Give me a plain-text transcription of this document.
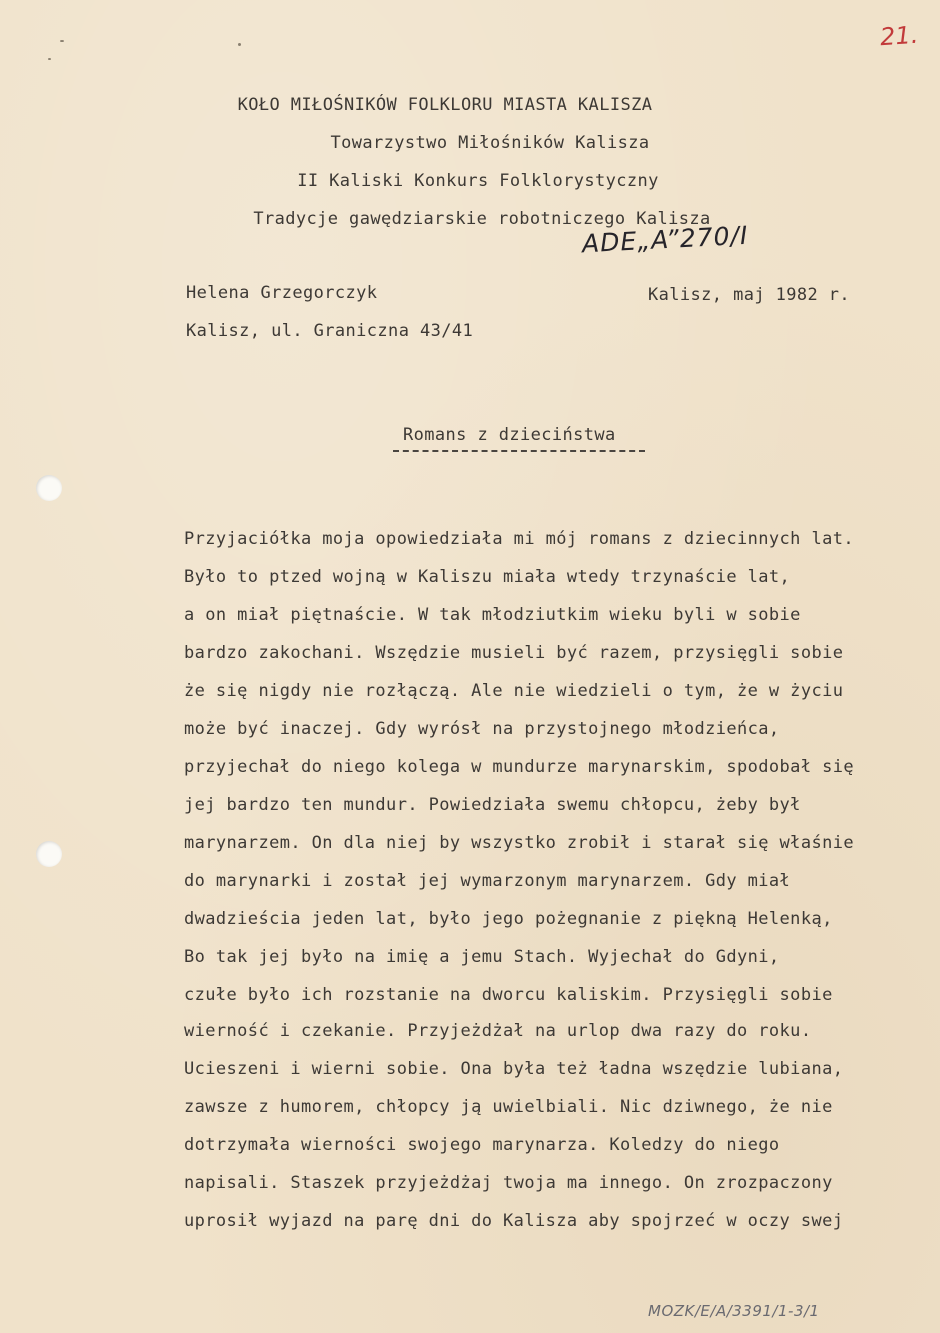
21.
KOŁO MIŁOŚNIKÓW FOLKLORU MIASTA KALISZA
Towarzystwo Miłośników Kalisza
II Kaliski Konkurs Folklorystyczny
Tradycje gawędziarskie robotniczego Kalisza
Helena Grzegorczyk
Kalisz, ul. Graniczna 43/41
Kalisz, maj 1982 r.
ADE„A”270/I
Romans z dzieciństwa
Przyjaciółka moja opowiedziała mi mój romans z dziecinnych lat.
Było to ptzed wojną w Kaliszu miała wtedy trzynaście lat,
a on miał piętnaście. W tak młodziutkim wieku byli w sobie
bardzo zakochani. Wszędzie musieli być razem, przysięgli sobie
że się nigdy nie rozłączą. Ale nie wiedzieli o tym, że w życiu
może być inaczej. Gdy wyrósł na przystojnego młodzieńca,
przyjechał do niego kolega w mundurze marynarskim, spodobał się
jej bardzo ten mundur. Powiedziała swemu chłopcu, żeby był
marynarzem. On dla niej by wszystko zrobił i starał się właśnie
do marynarki i został jej wymarzonym marynarzem. Gdy miał
dwadzieścia jeden lat, było jego pożegnanie z piękną Helenką,
Bo tak jej było na imię a jemu Stach. Wyjechał do Gdyni,
czułe było ich rozstanie na dworcu kaliskim. Przysięgli sobie
wierność i czekanie. Przyjeżdżał na urlop dwa razy do roku.
Ucieszeni i wierni sobie. Ona była też ładna wszędzie lubiana,
zawsze z humorem, chłopcy ją uwielbiali. Nic dziwnego, że nie
dotrzymała wierności swojego marynarza. Koledzy do niego
napisali. Staszek przyjeżdżaj twoja ma innego. On zrozpaczony
uprosił wyjazd na parę dni do Kalisza aby spojrzeć w oczy swej
MOZK/E/A/3391/1-3/1
